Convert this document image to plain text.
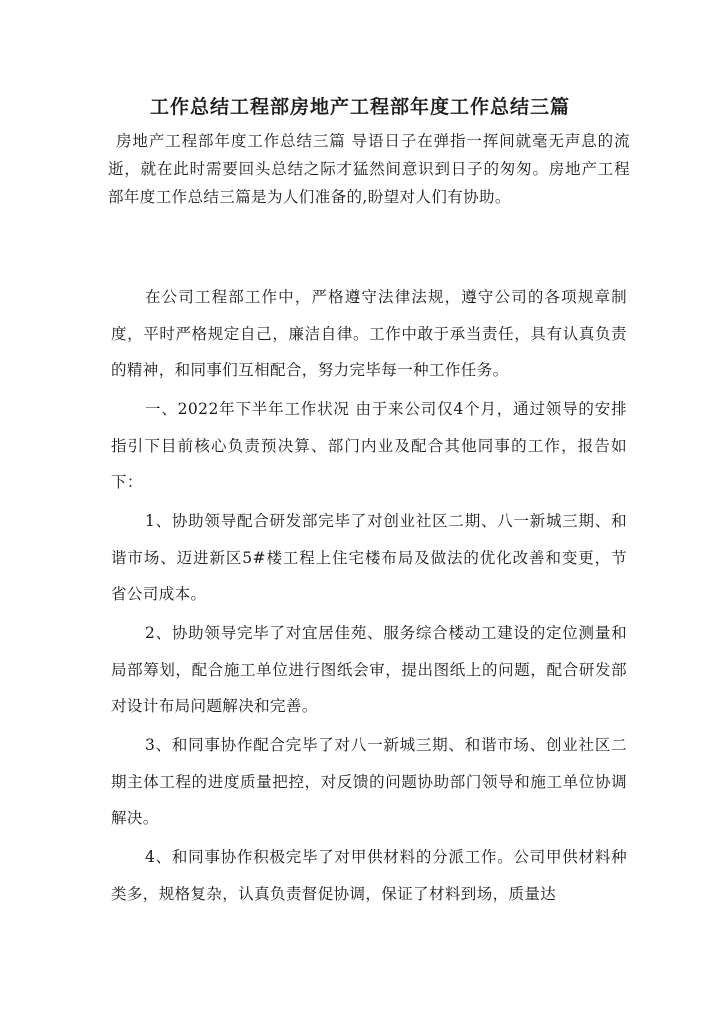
工作总结工程部房地产工程部年度工作总结三篇
房地产工程部年度工作总结三篇 导语日子在弹指一挥间就毫无声息的流逝，就在此时需要回头总结之际才猛然间意识到日子的匆匆。房地产工程部年度工作总结三篇是为人们准备的,盼望对人们有协助。
在公司工程部工作中，严格遵守法律法规，遵守公司的各项规章制度，平时严格规定自己，廉洁自律。工作中敢于承当责任，具有认真负责的精神，和同事们互相配合，努力完毕每一种工作任务。
一、2022年下半年工作状况 由于来公司仅4个月，通过领导的安排指引下目前核心负责预决算、部门内业及配合其他同事的工作，报告如下：
1、协助领导配合研发部完毕了对创业社区二期、八一新城三期、和谐市场、迈进新区5#楼工程上住宅楼布局及做法的优化改善和变更，节省公司成本。
2、协助领导完毕了对宜居佳苑、服务综合楼动工建设的定位测量和局部筹划，配合施工单位进行图纸会审，提出图纸上的问题，配合研发部对设计布局问题解决和完善。
3、和同事协作配合完毕了对八一新城三期、和谐市场、创业社区二期主体工程的进度质量把控，对反馈的问题协助部门领导和施工单位协调解决。
4、和同事协作积极完毕了对甲供材料的分派工作。公司甲供材料种类多，规格复杂，认真负责督促协调，保证了材料到场，质量达
